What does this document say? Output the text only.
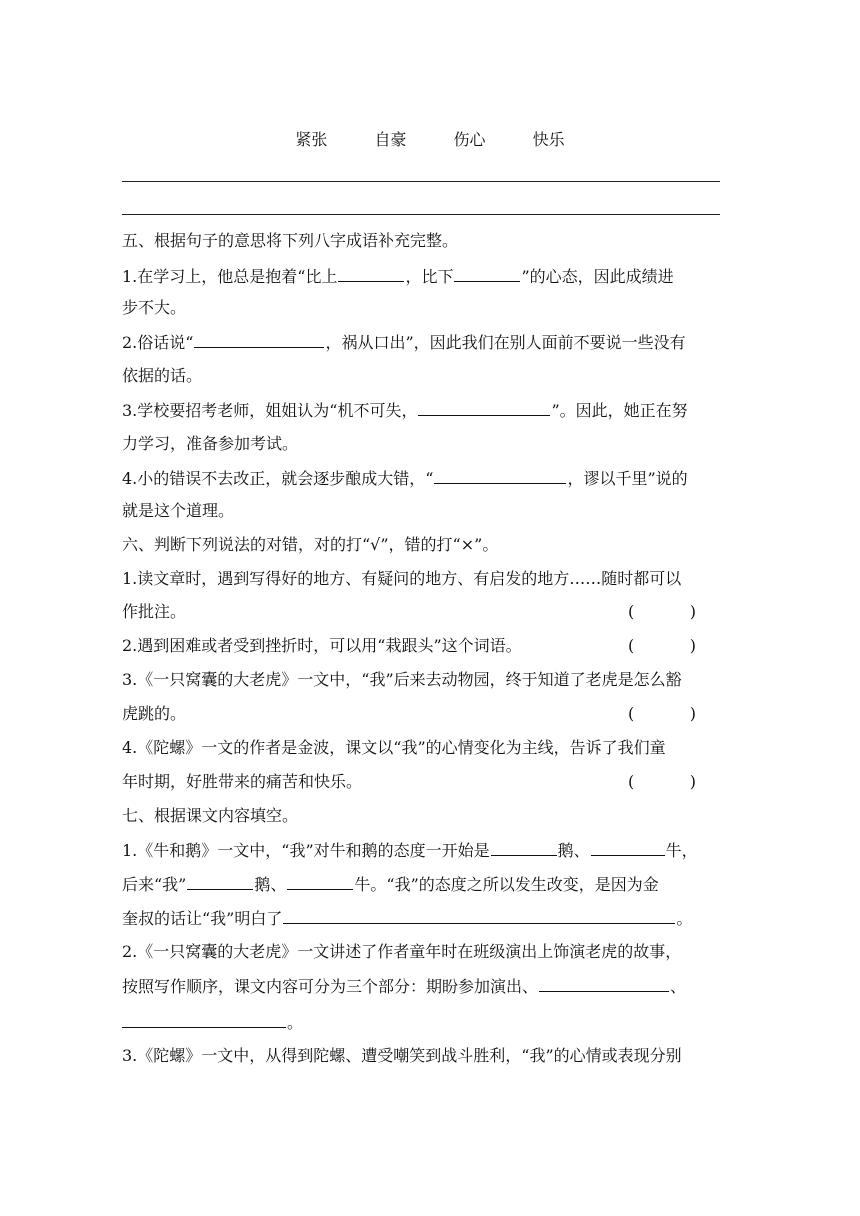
紧张	自豪	伤心	快乐
五、根据句子的意思将下列八字成语补充完整。
1.在学习上，他总是抱着“比上	，比下	”的心态，因此成绩进
步不大。
2.俗话说“	，祸从口出”，因此我们在别人面前不要说一些没有
依据的话。
3.学校要招考老师，姐姐认为“机不可失，	”。因此，她正在努
力学习，准备参加考试。
4.小的错误不去改正，就会逐步酿成大错，“	，谬以千里”说的
就是这个道理。
六、判断下列说法的对错，对的打“√”，错的打“×”。
1.读文章时，遇到写得好的地方、有疑问的地方、有启发的地方……随时都可以
作批注。	(	)
2.遇到困难或者受到挫折时，可以用“栽跟头”这个词语。	(	)
3.《一只窝囊的大老虎》一文中，“我”后来去动物园，终于知道了老虎是怎么豁
虎跳的。	(	)
4.《陀螺》一文的作者是金波，课文以“我”的心情变化为主线，告诉了我们童
年时期，好胜带来的痛苦和快乐。	(	)
七、根据课文内容填空。
1.《牛和鹅》一文中，“我”对牛和鹅的态度一开始是	鹅、	牛，
后来“我”	鹅、	牛。“我”的态度之所以发生改变，是因为金
奎叔的话让“我”明白了	。
2.《一只窝囊的大老虎》一文讲述了作者童年时在班级演出上饰演老虎的故事，
按照写作顺序，课文内容可分为三个部分：期盼参加演出、	、
。
3.《陀螺》一文中，从得到陀螺、遭受嘲笑到战斗胜利，“我”的心情或表现分别
